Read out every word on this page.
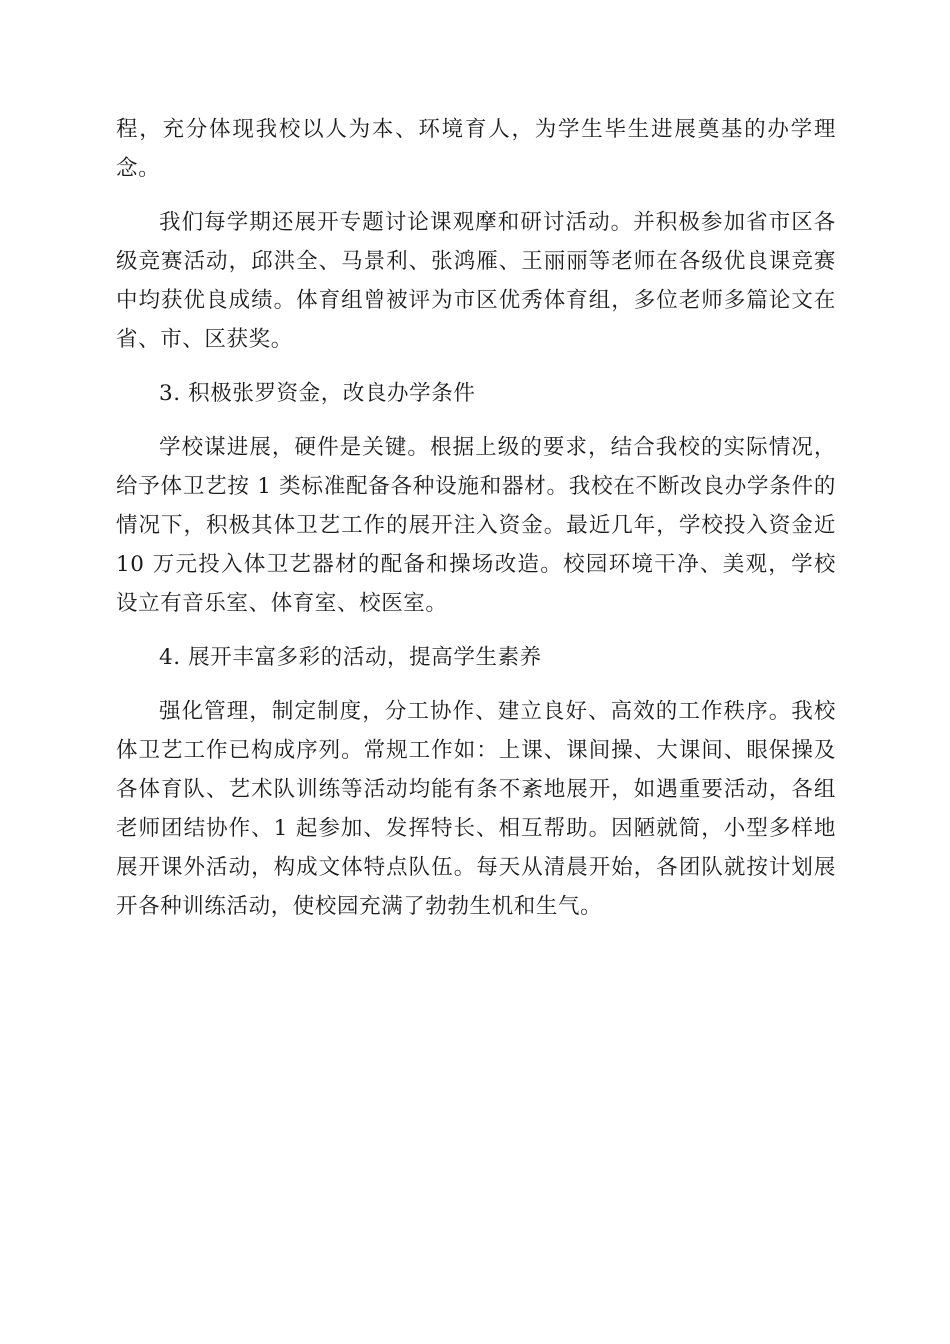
程，充分体现我校以人为本、环境育人，为学生毕生进展奠基的办学理念。

我们每学期还展开专题讨论课观摩和研讨活动。并积极参加省市区各级竞赛活动，邱洪全、马景利、张鸿雁、王丽丽等老师在各级优良课竞赛中均获优良成绩。体育组曾被评为市区优秀体育组，多位老师多篇论文在省、市、区获奖。

3. 积极张罗资金，改良办学条件

学校谋进展，硬件是关键。根据上级的要求，结合我校的实际情况，给予体卫艺按 1 类标准配备各种设施和器材。我校在不断改良办学条件的情况下，积极其体卫艺工作的展开注入资金。最近几年，学校投入资金近 10 万元投入体卫艺器材的配备和操场改造。校园环境干净、美观，学校设立有音乐室、体育室、校医室。

4. 展开丰富多彩的活动，提高学生素养

强化管理，制定制度，分工协作、建立良好、高效的工作秩序。我校体卫艺工作已构成序列。常规工作如：上课、课间操、大课间、眼保操及各体育队、艺术队训练等活动均能有条不紊地展开，如遇重要活动，各组老师团结协作、1 起参加、发挥特长、相互帮助。因陋就简，小型多样地展开课外活动，构成文体特点队伍。每天从清晨开始，各团队就按计划展开各种训练活动，使校园充满了勃勃生机和生气。
